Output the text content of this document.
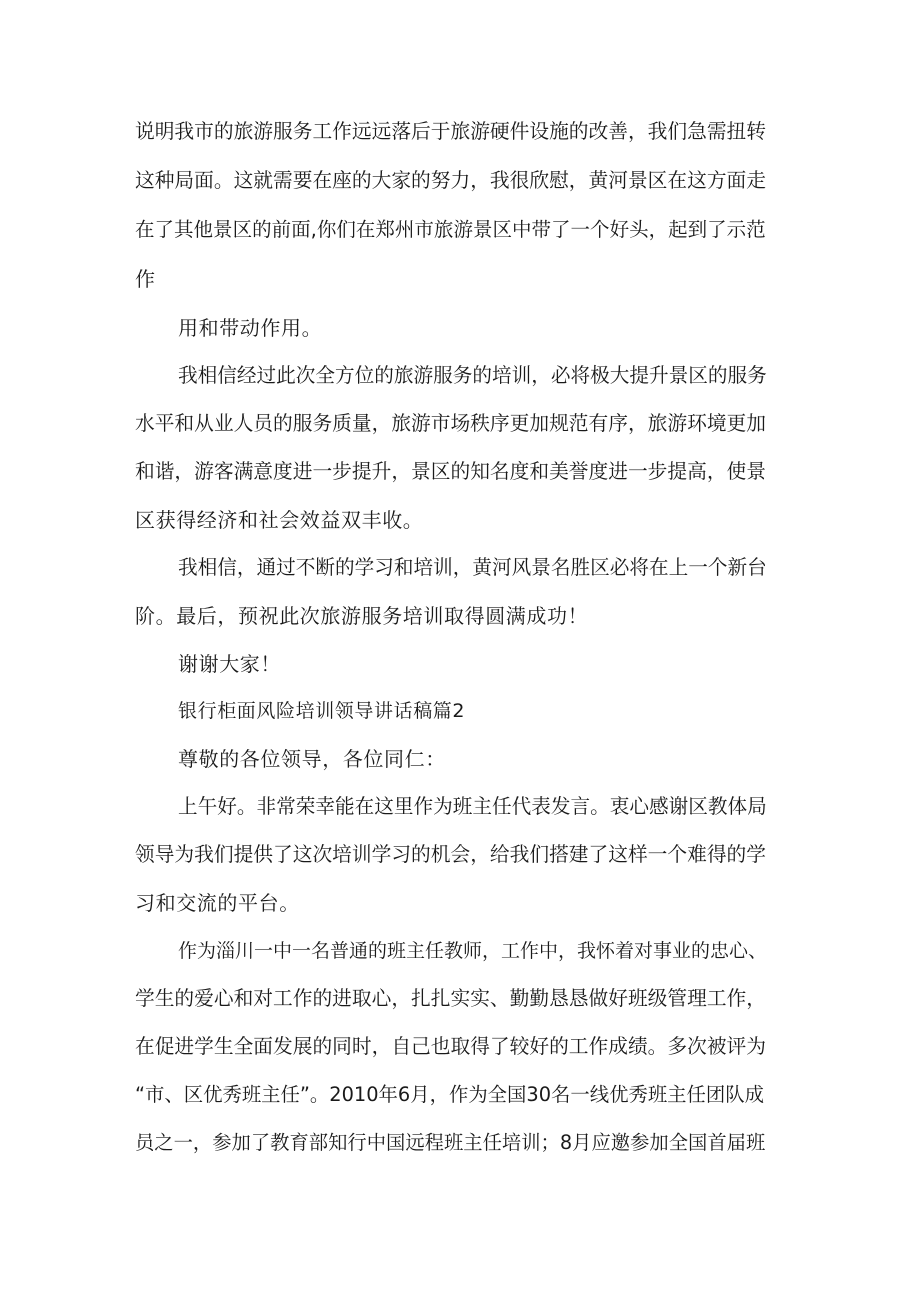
说明我市的旅游服务工作远远落后于旅游硬件设施的改善，我们急需扭转
这种局面。这就需要在座的大家的努力，我很欣慰，黄河景区在这方面走
在了其他景区的前面,你们在郑州市旅游景区中带了一个好头，起到了示范
作
用和带动作用。
我相信经过此次全方位的旅游服务的培训，必将极大提升景区的服务
水平和从业人员的服务质量，旅游市场秩序更加规范有序，旅游环境更加
和谐，游客满意度进一步提升，景区的知名度和美誉度进一步提高，使景
区获得经济和社会效益双丰收。
我相信，通过不断的学习和培训，黄河风景名胜区必将在上一个新台
阶。最后，预祝此次旅游服务培训取得圆满成功！
谢谢大家！
银行柜面风险培训领导讲话稿篇2
尊敬的各位领导，各位同仁：
上午好。非常荣幸能在这里作为班主任代表发言。衷心感谢区教体局
领导为我们提供了这次培训学习的机会，给我们搭建了这样一个难得的学
习和交流的平台。
作为淄川一中一名普通的班主任教师，工作中，我怀着对事业的忠心、
学生的爱心和对工作的进取心，扎扎实实、勤勤恳恳做好班级管理工作，
在促进学生全面发展的同时，自己也取得了较好的工作成绩。多次被评为
“市、区优秀班主任”。2010年6月，作为全国30名一线优秀班主任团队成
员之一，参加了教育部知行中国远程班主任培训；8月应邀参加全国首届班
